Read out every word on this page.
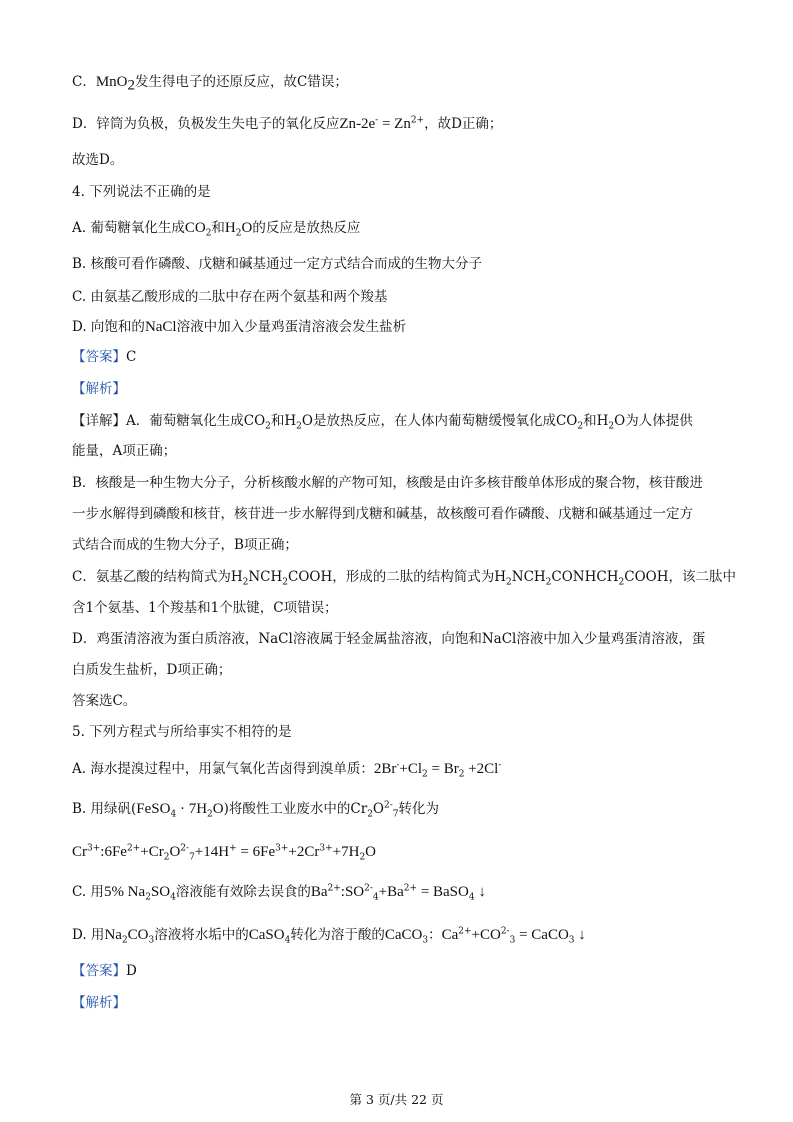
C．MnO$_2$发生得电子的还原反应，故C错误；
D．锌筒为负极，负极发生失电子的氧化反应$Zn-2e^- = Zn^{2+}$，故D正确；
故选D。
4. 下列说法不正确的是
A. 葡萄糖氧化生成$CO_2$和$H_2O$的反应是放热反应
B. 核酸可看作磷酸、戊糖和碱基通过一定方式结合而成的生物大分子
C. 由氨基乙酸形成的二肽中存在两个氨基和两个羧基
D. 向饱和的NaCl溶液中加入少量鸡蛋清溶液会发生盐析
【答案】C
【解析】
【详解】A．葡萄糖氧化生成$CO_2$和$H_2O$是放热反应，在人体内葡萄糖缓慢氧化成$CO_2$和$H_2O$为人体提供
能量，A项正确；
B．核酸是一种生物大分子，分析核酸水解的产物可知，核酸是由许多核苷酸单体形成的聚合物，核苷酸进
一步水解得到磷酸和核苷，核苷进一步水解得到戊糖和碱基，故核酸可看作磷酸、戊糖和碱基通过一定方
式结合而成的生物大分子，B项正确；
C．氨基乙酸的结构简式为$H_2NCH_2COOH$，形成的二肽的结构简式为$H_2NCH_2CONHCH_2COOH$，该二肽中
含1个氨基、1个羧基和1个肽键，C项错误；
D．鸡蛋清溶液为蛋白质溶液，NaCl溶液属于轻金属盐溶液，向饱和NaCl溶液中加入少量鸡蛋清溶液，蛋
白质发生盐析，D项正确；
答案选C。
5. 下列方程式与所给事实不相符的是
A. 海水提溴过程中，用氯气氧化苦卤得到溴单质：$2Br^-+Cl_2 = Br_2 +2Cl^-$
B. 用绿矾(FeSO$_4$ · $7H_2O$)将酸性工业废水中的$Cr_2O^{2-}_7$转化为
$Cr^{3+}:6Fe^{2+}+Cr_2O^{2-}_7+14H^+ = 6Fe^{3+}+2Cr^{3+}+7H_2O$
C. 用5% $Na_2SO_4$溶液能有效除去误食的$Ba^{2+}:SO^{2-}_4+Ba^{2+}$ = BaSO$_4$ ↓
D. 用$Na_2CO_3$溶液将水垢中的CaSO$_4$转化为溶于酸的CaCO$_3$：$Ca^{2+}+CO^{2-}_3$ = CaCO$_3$ ↓
【答案】D
【解析】
第 3 页/共 22 页
